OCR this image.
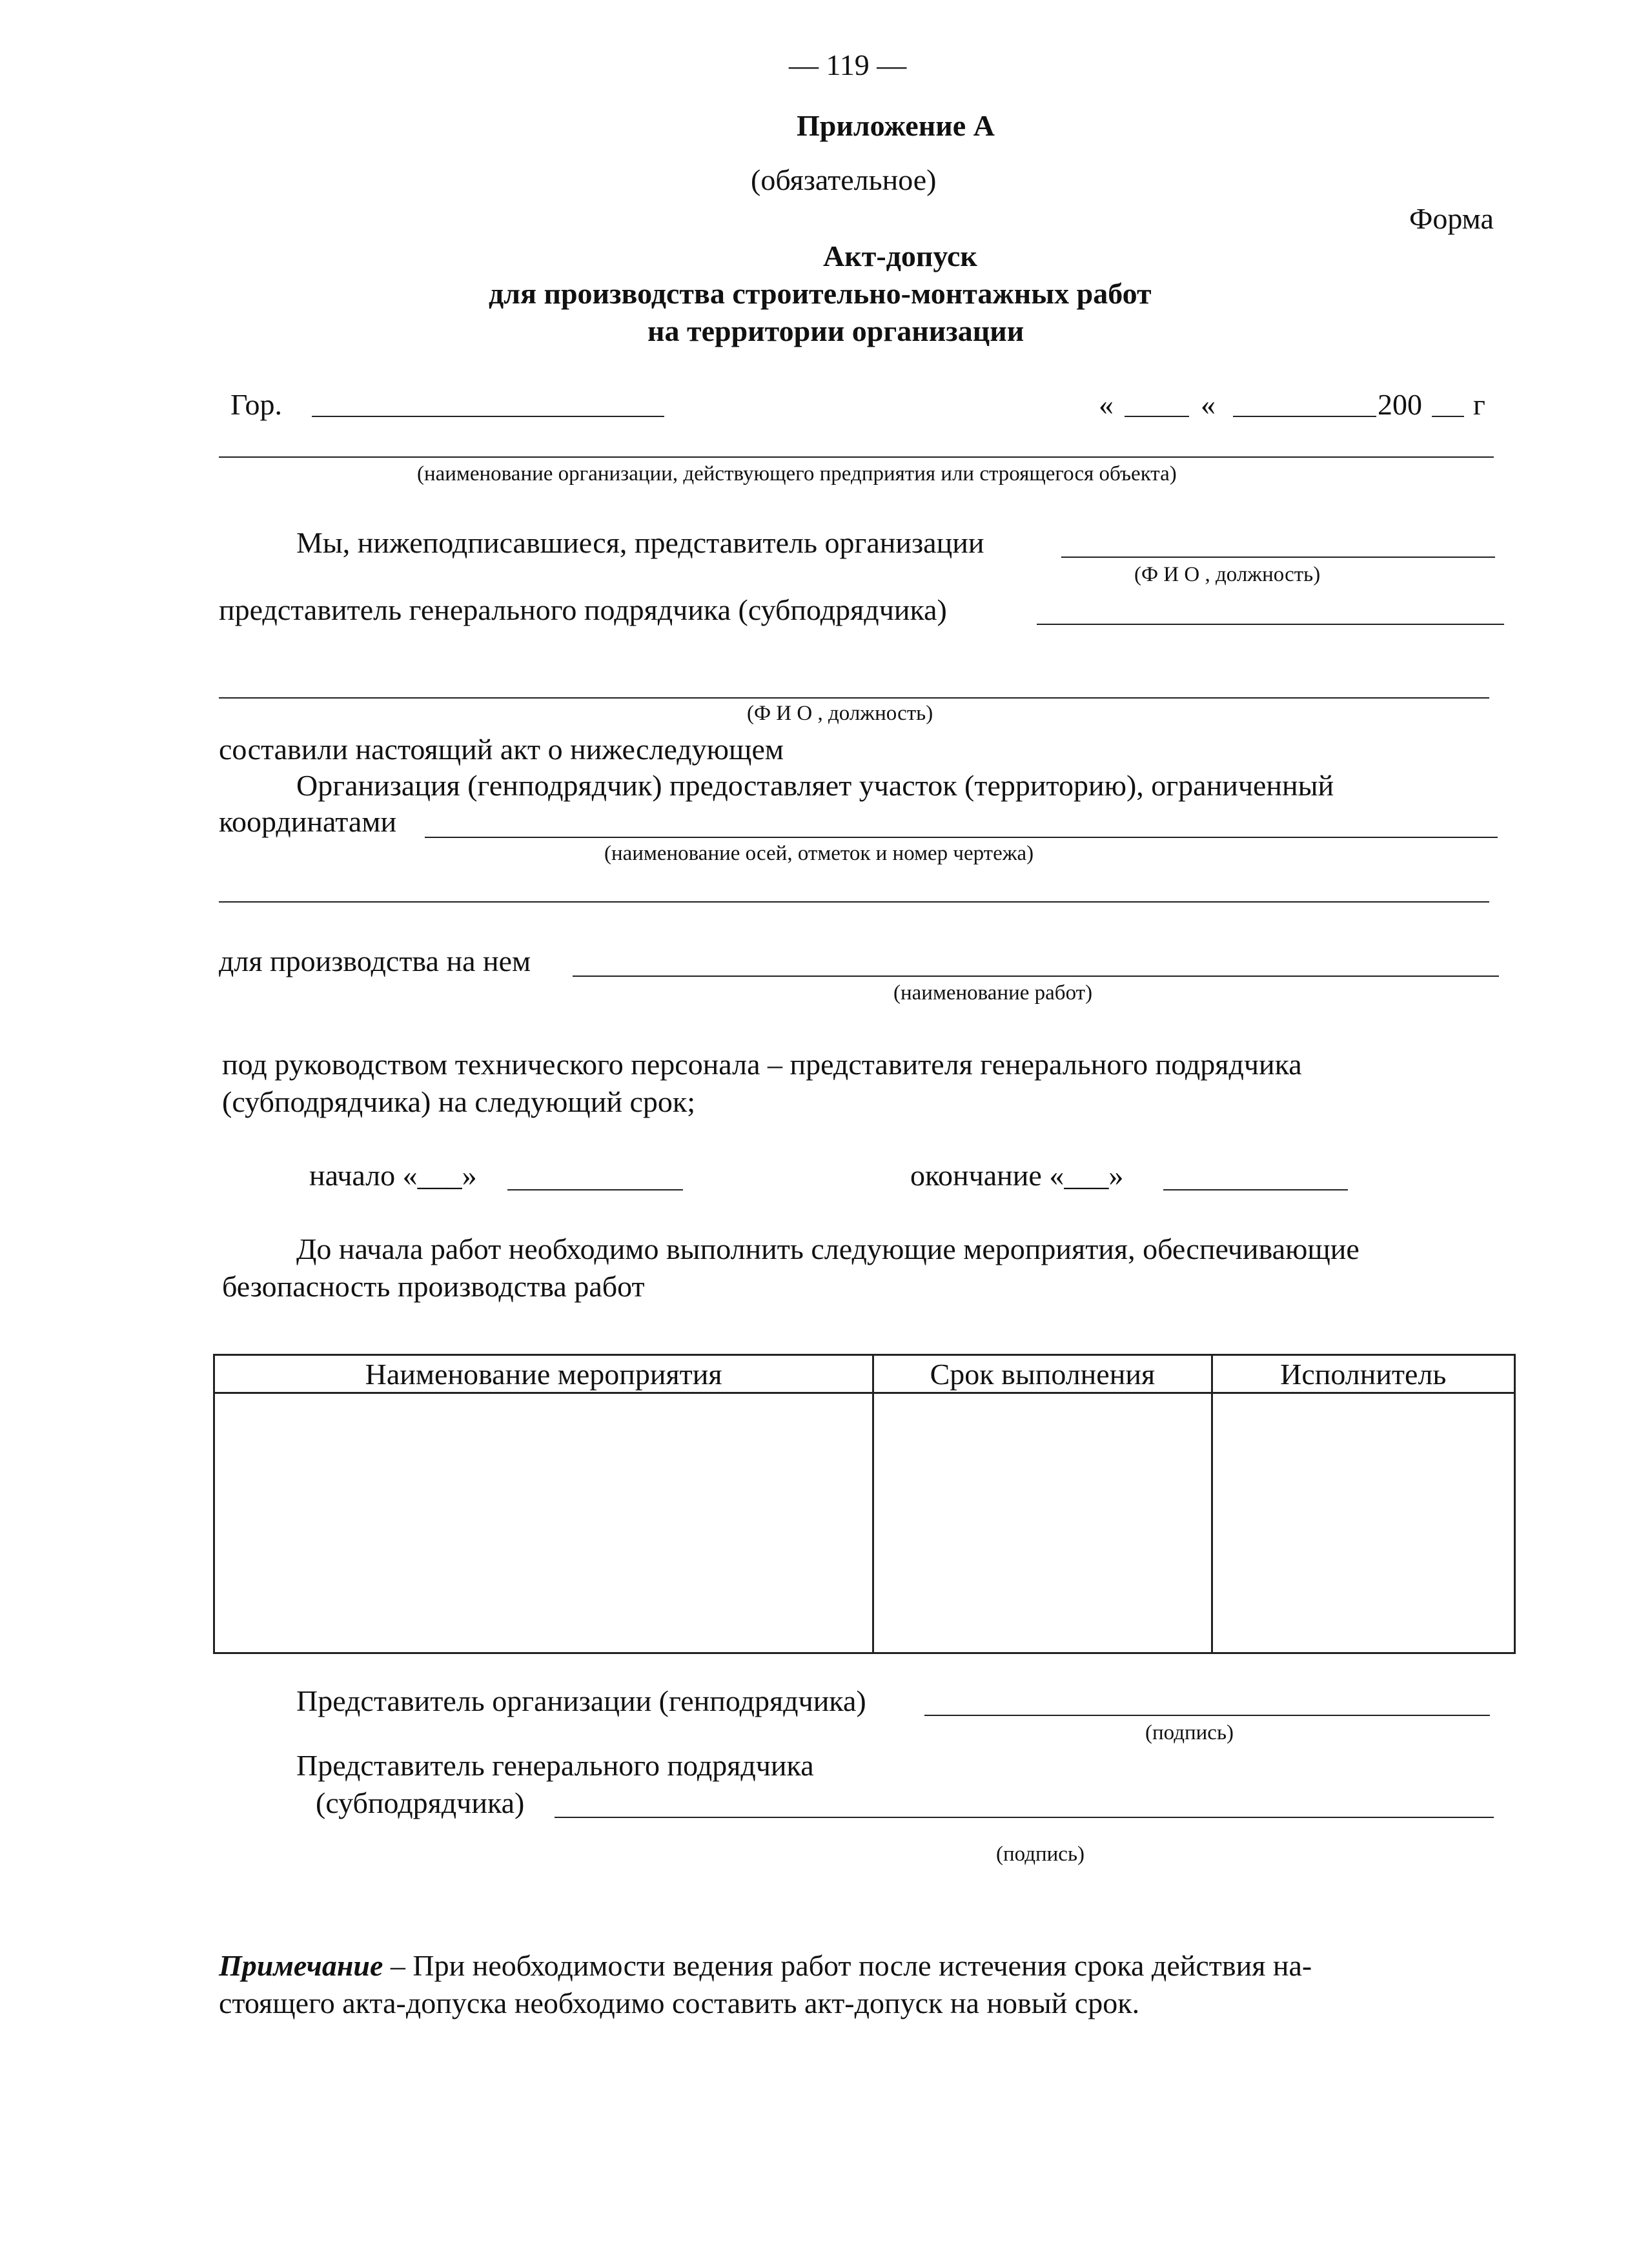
— 119 —
Приложение А
(обязательное)
Форма
Акт-допуск
для производства строительно-монтажных работ
на территории организации
Гор.	«	«	200 г
(наименование организации, действующего предприятия или строящегося объекта)
Мы, нижеподписавшиеся, представитель организации
(Ф И О , должность)
представитель генерального подрядчика (субподрядчика)
(Ф И О , должность)
составили настоящий акт о нижеследующем
Организация (генподрядчик) предоставляет участок (территорию), ограниченный
координатами
(наименование осей, отметок и номер чертежа)
для производства на нем
(наименование работ)
под руководством технического персонала – представителя генерального подрядчика
(субподрядчика) на следующий срок;
начало «___»	окончание «___»
До начала работ необходимо выполнить следующие мероприятия, обеспечивающие
безопасность производства работ
Наименование мероприятия	Срок выполнения	Исполнитель

Представитель организации (генподрядчика)
(подпись)
Представитель генерального подрядчика
(субподрядчика)
(подпись)
Примечание – При необходимости ведения работ после истечения срока действия на-
стоящего акта-допуска необходимо составить акт-допуск на новый срок.
